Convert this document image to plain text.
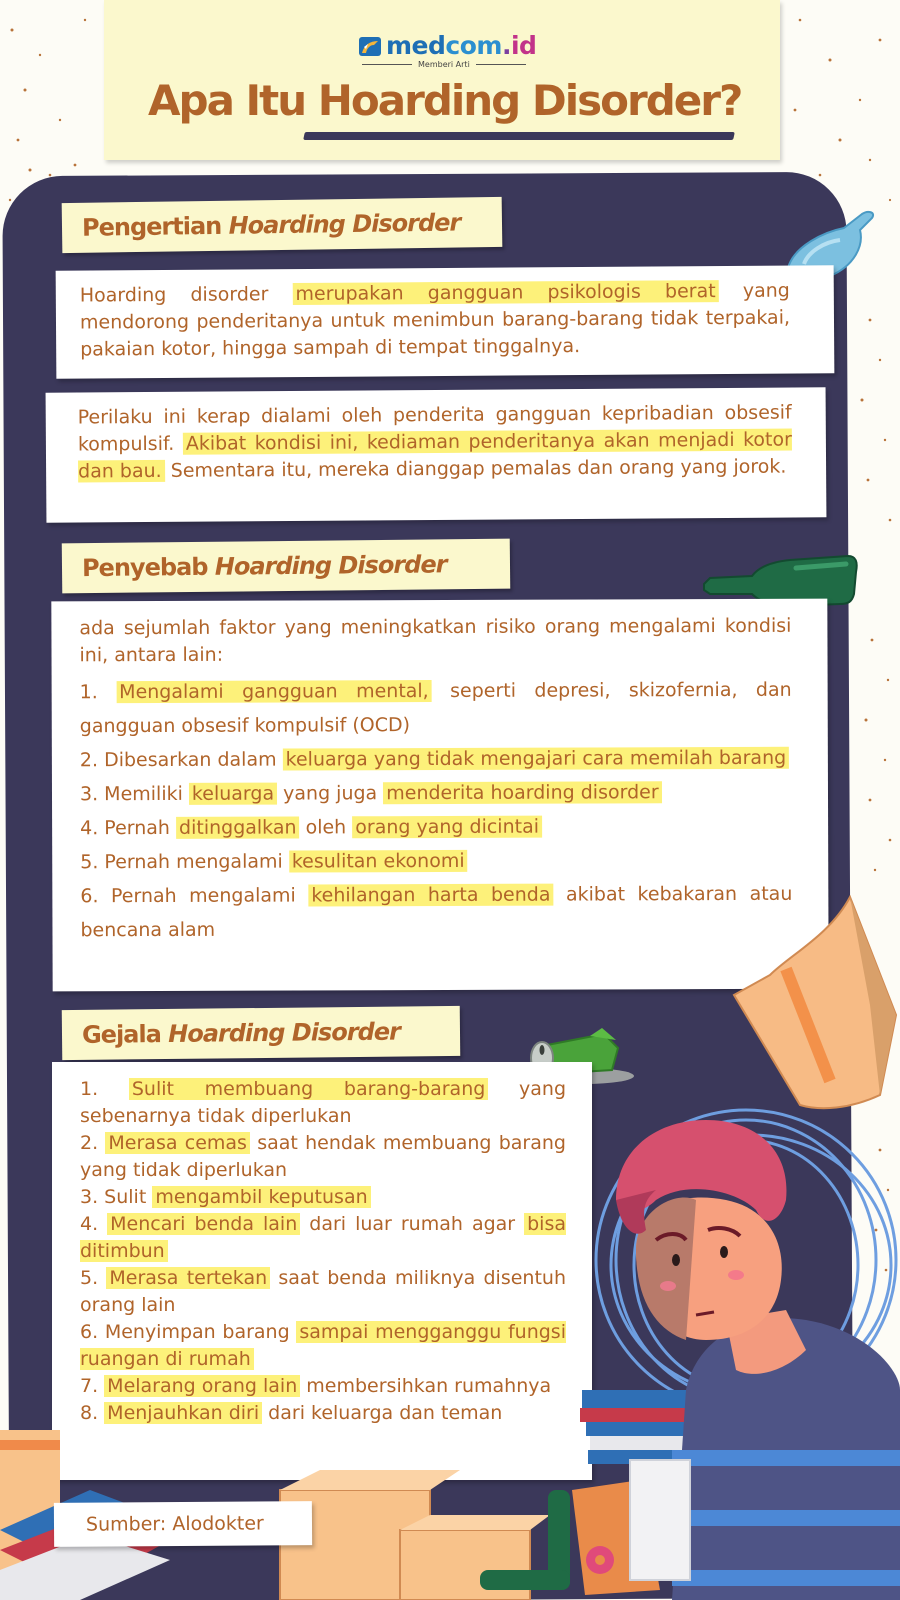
medcom.id
Memberi Arti
Apa Itu Hoarding Disorder?
Pengertian
Hoarding Disorder

Hoarding disorder merupakan gangguan psikologis berat yang mendorong penderitanya untuk menimbun barang-barang tidak terpakai, pakaian kotor, hingga sampah di tempat tinggalnya.

Perilaku ini kerap dialami oleh penderita gangguan kepribadian obsesif kompulsif. Akibat kondisi ini, kediaman penderitanya akan menjadi kotor dan bau. Sementara itu, mereka dianggap pemalas dan orang yang jorok.

Penyebab
Hoarding Disorder

ada sejumlah faktor yang meningkatkan risiko orang mengalami kondisi ini, antara lain:

1. Mengalami gangguan mental, seperti depresi, skizofernia, dan gangguan obsesif kompulsif (OCD)

2. Dibesarkan dalam keluarga yang tidak mengajari cara memilah barang

3. Memiliki keluarga yang juga menderita hoarding disorder

4. Pernah ditinggalkan oleh orang yang dicintai

5. Pernah mengalami kesulitan ekonomi

6. Pernah mengalami kehilangan harta benda akibat kebakaran atau bencana alam

Gejala
Hoarding Disorder

1. Sulit membuang barang-barang yang sebenarnya tidak diperlukan

2. Merasa cemas saat hendak membuang barang yang tidak diperlukan

3. Sulit mengambil keputusan

4. Mencari benda lain dari luar rumah agar bisa ditimbun

5. Merasa tertekan saat benda miliknya disentuh orang lain

6. Menyimpan barang sampai mengganggu fungsi ruangan di rumah

7. Melarang orang lain membersihkan rumahnya

8. Menjauhkan diri dari keluarga dan teman

Sumber: Alodokter
